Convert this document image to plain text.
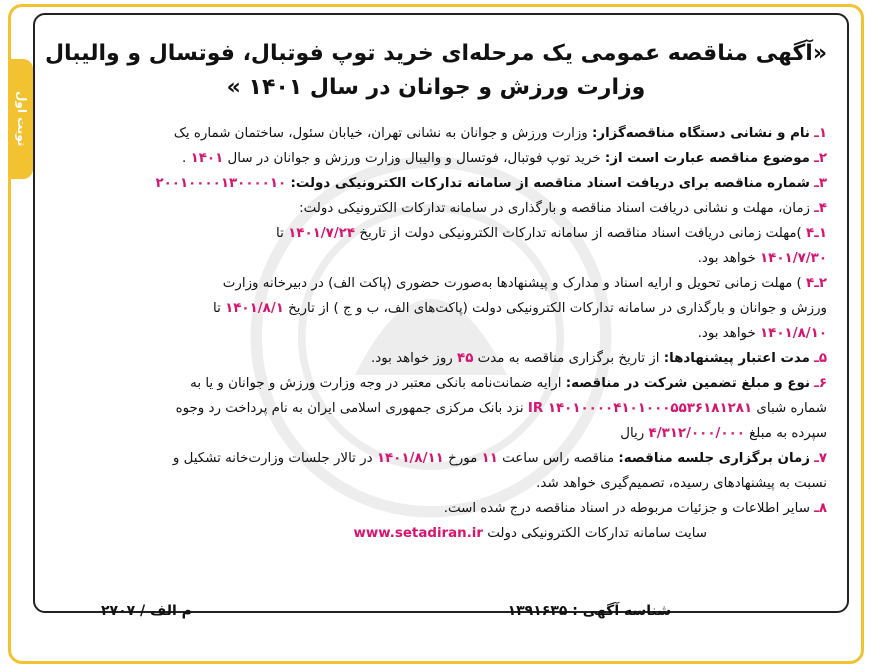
نوبت اول
«آگهی مناقصه عمومی یک مرحله‌ای خرید توپ فوتبال، فوتسال و والیبال
وزارت ورزش و جوانان در سال ۱۴۰۱ »
۱ـ نام و نشانی دستگاه مناقصه‌گزار: وزارت ورزش و جوانان به نشانی تهران، خیابان سئول، ساختمان شماره یک
۲ـ موضوع مناقصه عبارت است از: خرید توپ فوتبال، فوتسال و والیبال وزارت ورزش و جوانان در سال ۱۴۰۱ .
۳ـ شماره مناقصه برای دریافت اسناد مناقصه از سامانه تدارکات الکترونیکی دولت: ۲۰۰۱۰۰۰۰۱۳۰۰۰۰۱۰
۴ـ زمان، مهلت و نشانی دریافت اسناد مناقصه و بارگذاری در سامانه تدارکات الکترونیکی دولت:
۱ـ۴ )مهلت زمانی دریافت اسناد مناقصه از سامانه تدارکات الکترونیکی دولت از تاریخ ۱۴۰۱/۷/۲۴ تا
۱۴۰۱/۷/۳۰ خواهد بود.
۲ـ۴ ) مهلت زمانی تحویل و ارایه اسناد و مدارک و پیشنهادها به‌صورت حضوری (پاکت الف) در دبیرخانه وزارت
ورزش و جوانان و بارگذاری در سامانه تدارکات الکترونیکی دولت (پاکت‌های الف، ب و ج ) از تاریخ ۱۴۰۱/۸/۱ تا
۱۴۰۱/۸/۱۰ خواهد بود.
۵ـ مدت اعتبار پیشنهادها: از تاریخ برگزاری مناقصه به مدت ۴۵ روز خواهد بود.
۶ـ نوع و مبلغ تضمین شرکت در مناقصه: ارایه ضمانت‌نامه بانکی معتبر در وجه وزارت ورزش و جوانان و یا به
شماره شبای IR ۱۴۰۱۰۰۰۰۴۱۰۱۰۰۰۵۵۳۶۱۸۱۲۸۱ نزد بانک مرکزی جمهوری اسلامی ایران به نام پرداخت رد وجوه
سپرده به مبلغ ۴/۳۱۲/۰۰۰/۰۰۰ ریال
۷ـ زمان برگزاری جلسه مناقصه: مناقصه راس ساعت ۱۱ مورخ ۱۴۰۱/۸/۱۱ در تالار جلسات وزارت‌خانه تشکیل و
نسبت به پیشنهادهای رسیده، تصمیم‌گیری خواهد شد.
۸ـ سایر اطلاعات و جزئیات مربوطه در اسناد مناقصه درج شده است.
سایت سامانه تدارکات الکترونیکی دولت www.setadiran.ir
شناسه آگهی : ۱۳۹۱۶۳۵
م الف / ۲۷۰۷
